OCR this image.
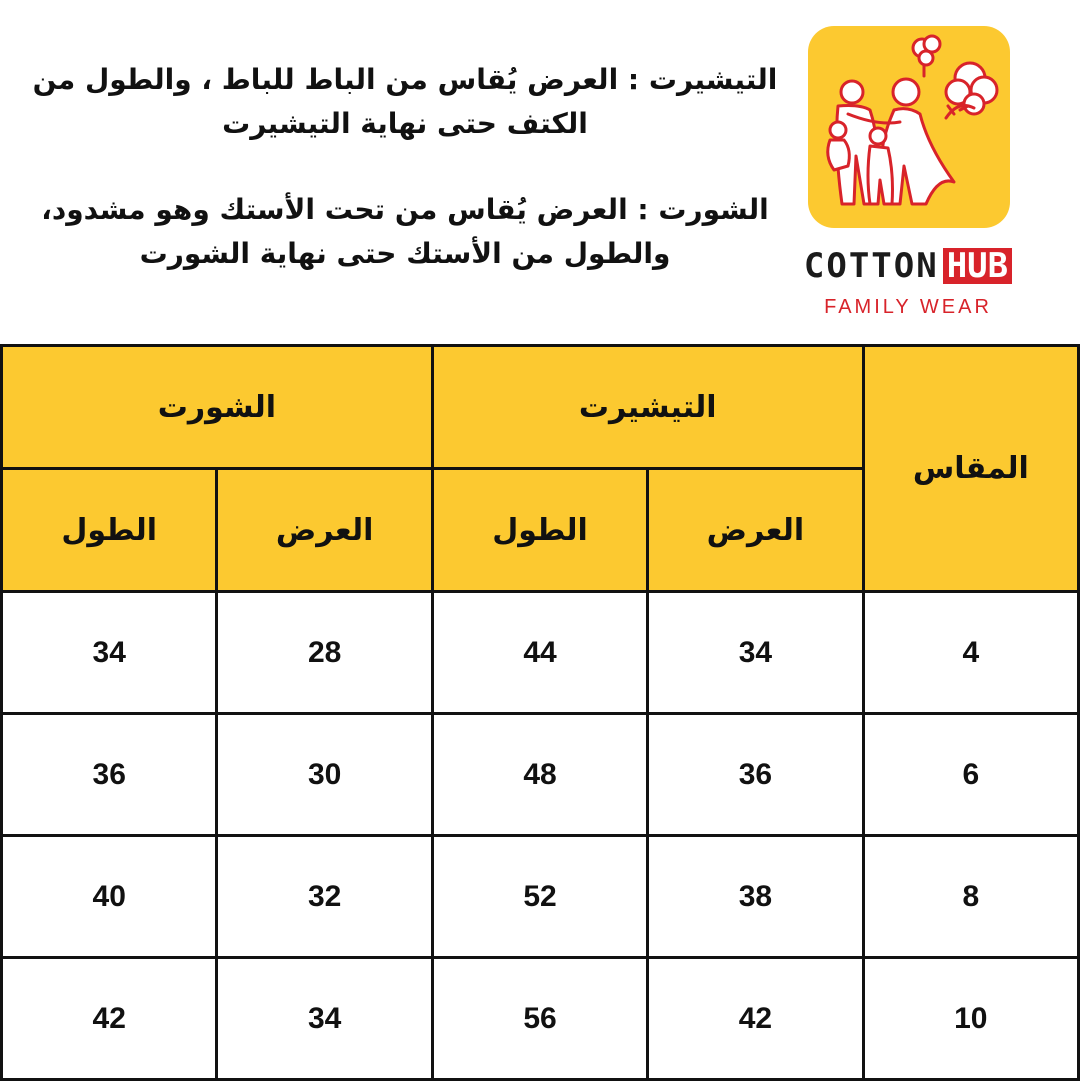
التيشيرت : العرض يُقاس من الباط للباط ، والطول من الكتف حتى نهاية التيشيرت

الشورت : العرض يُقاس من تحت الأستك وهو مشدود، والطول من الأستك حتى نهاية الشورت	COTTON HUB
FAMILY WEAR
المقاس	التيشيرت		الشورت	
	العرض	الطول	العرض	الطول
4	34	44	28	34
6	36	48	30	36
8	38	52	32	40
10	42	56	34	42
